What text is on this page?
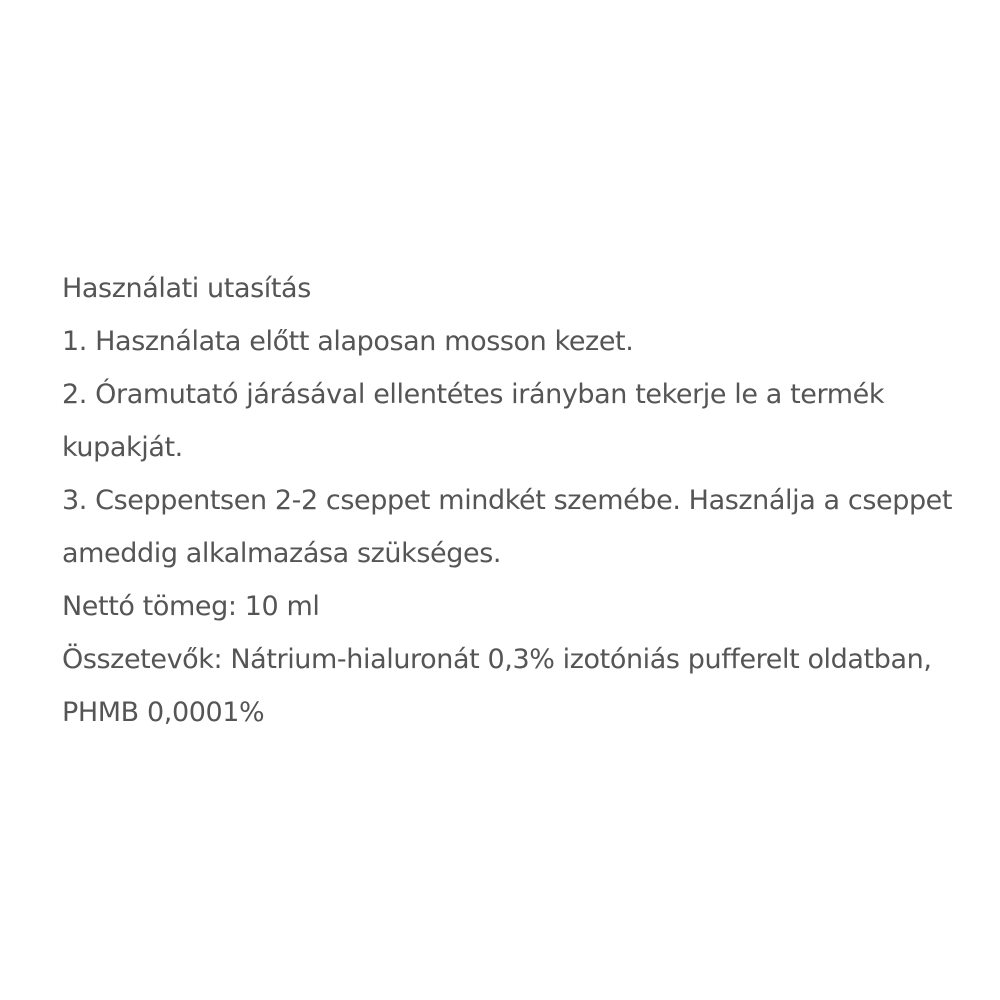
Használati utasítás

1. Használata előtt alaposan mosson kezet.

2. Óramutató járásával ellentétes irányban tekerje le a termék kupakját.

3. Cseppentsen 2-2 cseppet mindkét szemébe. Használja a cseppet ameddig alkalmazása szükséges.

Nettó tömeg: 10 ml

Összetevők: Nátrium-hialuronát 0,3% izotóniás pufferelt oldatban, PHMB 0,0001%
